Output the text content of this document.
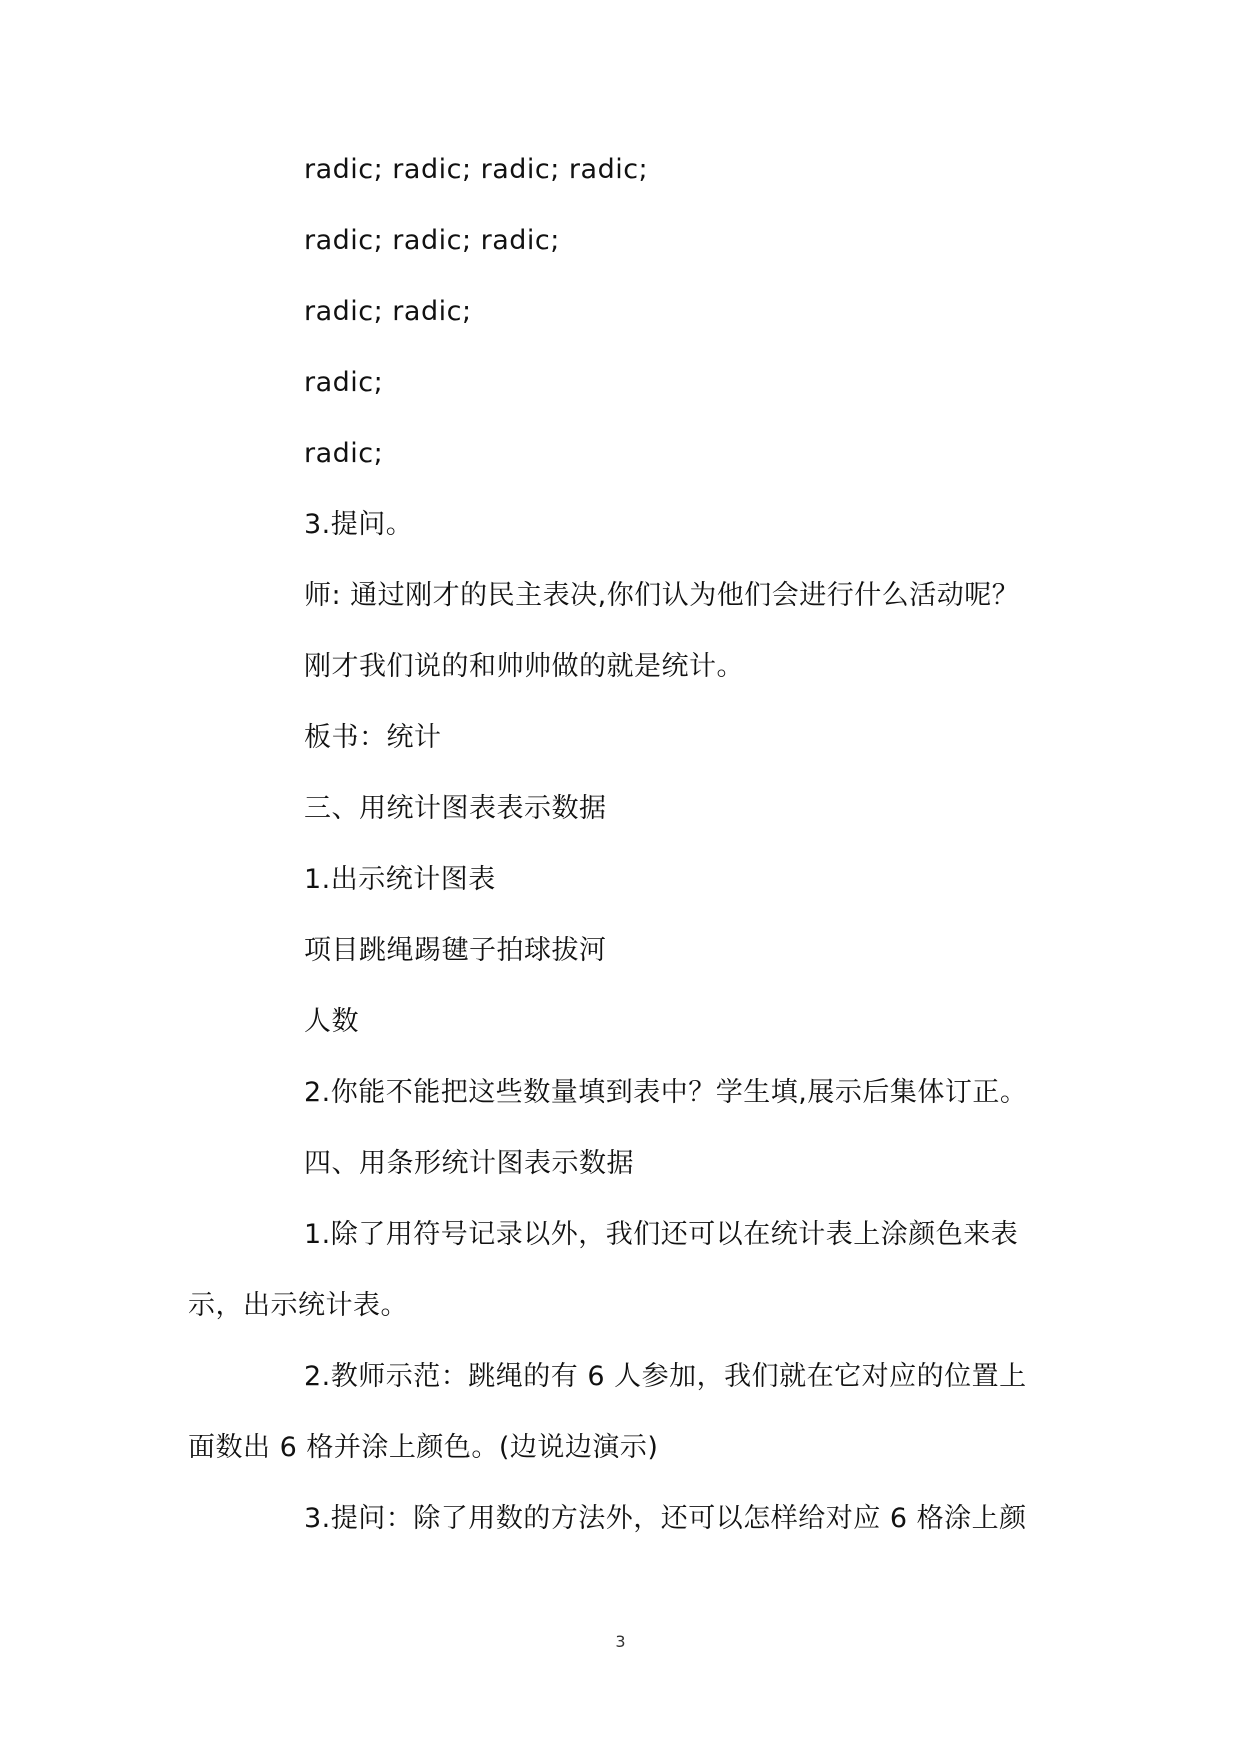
radic; radic; radic; radic;
radic; radic; radic;
radic; radic;
radic;
radic;
3.提问。
师: 通过刚才的民主表决,你们认为他们会进行什么活动呢？
刚才我们说的和帅帅做的就是统计。
板书：统计
三、用统计图表表示数据
1.出示统计图表
项目跳绳踢毽子拍球拔河
人数
2.你能不能把这些数量填到表中？学生填,展示后集体订正。
四、用条形统计图表示数据
1.除了用符号记录以外，我们还可以在统计表上涂颜色来表
示，出示统计表。
2.教师示范：跳绳的有 6 人参加，我们就在它对应的位置上
面数出 6 格并涂上颜色。(边说边演示)
3.提问：除了用数的方法外，还可以怎样给对应 6 格涂上颜
3
